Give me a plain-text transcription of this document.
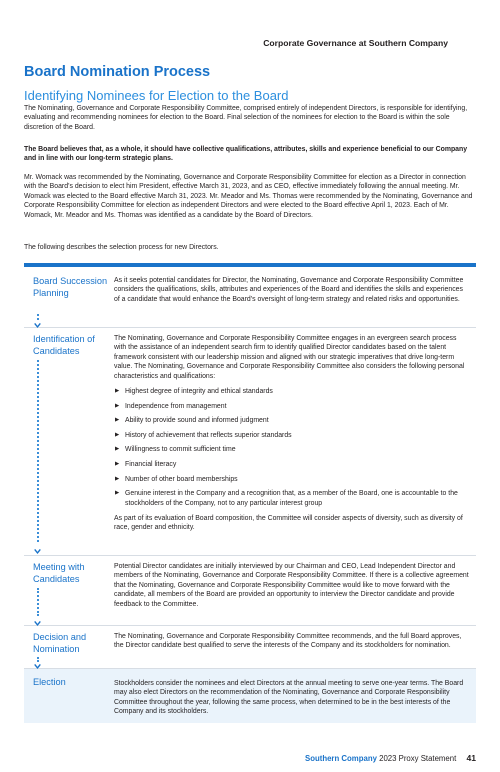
Corporate Governance at Southern Company
Board Nomination Process
Identifying Nominees for Election to the Board
The Nominating, Governance and Corporate Responsibility Committee, comprised entirely of independent Directors, is responsible for identifying, evaluating and recommending nominees for election to the Board. Final selection of the nominees for election to the Board is within the sole discretion of the Board.
The Board believes that, as a whole, it should have collective qualifications, attributes, skills and experience beneficial to our Company and in line with our long-term strategic plans.
Mr. Womack was recommended by the Nominating, Governance and Corporate Responsibility Committee for election as a Director in connection with the Board’s decision to elect him President, effective March 31, 2023, and as CEO, effective immediately following the annual meeting. Mr. Womack was elected to the Board effective March 31, 2023. Mr. Meador and Ms. Thomas were recommended by the Nominating, Governance and Corporate Responsibility Committee for election as independent Directors and were elected to the Board effective April 1, 2023. Each of Mr. Womack, Mr. Meador and Ms. Thomas was identified as a candidate by the Board of Directors.
The following describes the selection process for new Directors.
Board Succession Planning
As it seeks potential candidates for Director, the Nominating, Governance and Corporate Responsibility Committee considers the qualifications, skills, attributes and experiences of the Board and identifies the skills and experiences of a candidate that would enhance the Board’s oversight of long-term strategy and related risks and opportunities.
Identification of Candidates
The Nominating, Governance and Corporate Responsibility Committee engages in an evergreen search process with the assistance of an independent search firm to identify qualified Director candidates based on the talent framework consistent with our leadership mission and aligned with our strategic imperatives that drive long-term value. The Nominating, Governance and Corporate Responsibility Committee also considers the following personal characteristics and qualifications:
▶ Highest degree of integrity and ethical standards
▶ Independence from management
▶ Ability to provide sound and informed judgment
▶ History of achievement that reflects superior standards
▶ Willingness to commit sufficient time
▶ Financial literacy
▶ Number of other board memberships
▶ Genuine interest in the Company and a recognition that, as a member of the Board, one is accountable to the stockholders of the Company, not to any particular interest group
As part of its evaluation of Board composition, the Committee will consider aspects of diversity, such as diversity of race, gender and ethnicity.
Meeting with Candidates
Potential Director candidates are initially interviewed by our Chairman and CEO, Lead Independent Director and members of the Nominating, Governance and Corporate Responsibility Committee. If there is a collective agreement that the Nominating, Governance and Corporate Responsibility Committee would like to move forward with the candidate, all members of the Board are provided an opportunity to interview the Director candidate and provide feedback to the Committee.
Decision and Nomination
The Nominating, Governance and Corporate Responsibility Committee recommends, and the full Board approves, the Director candidate best qualified to serve the interests of the Company and its stockholders for nomination.
Election	Stockholders consider the nominees and elect Directors at the annual meeting to serve one-year terms. The Board may also elect Directors on the recommendation of the Nominating, Governance and Corporate Responsibility Committee throughout the year, following the same process, when determined to be in the best interests of the Company and its stockholders.
Southern Company 2023 Proxy Statement 41
